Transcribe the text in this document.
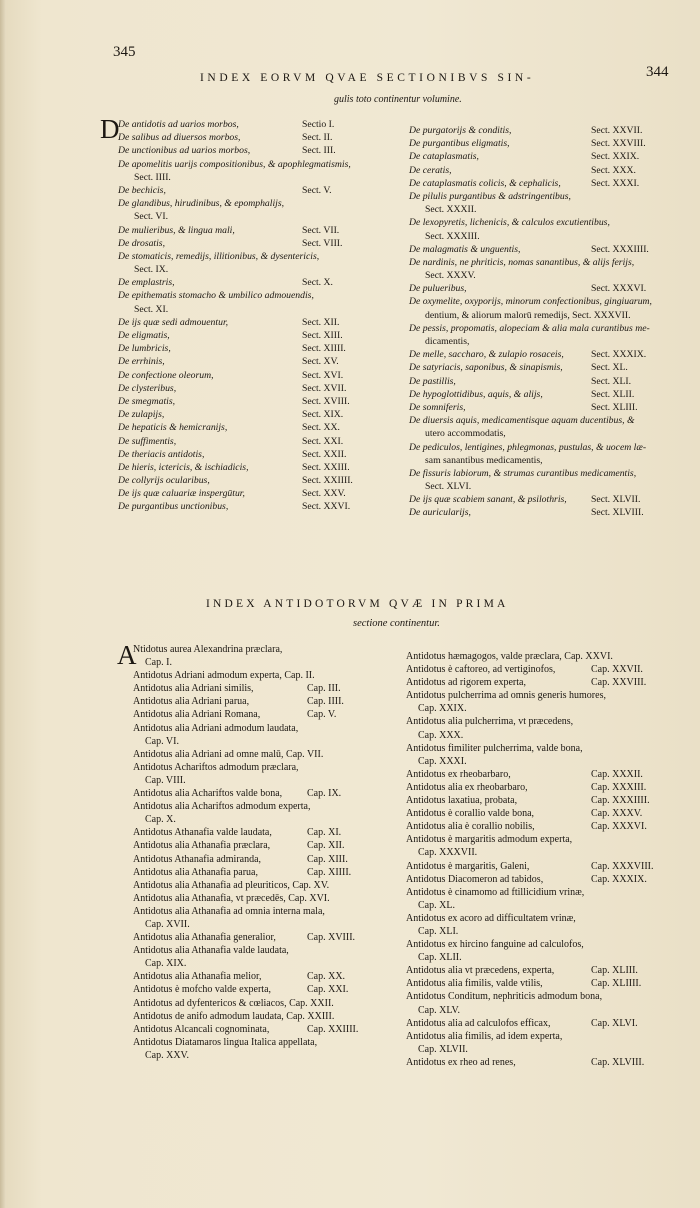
345
344
INDEX EORVM QVAE SECTIONIBVS SIN-
gulis toto continentur volumine.
D
De antidotis ad uarios morbos,	Sectio I.
De salibus ad diuersos morbos,	Sect. II.
De unctionibus ad uarios morbos,	Sect. III.
De apomelitis uarijs compositionibus, & apophlegmatismis,
Sect. IIII.
De bechicis,	Sect. V.
De glandibus, hirudinibus, & epomphalijs,
Sect. VI.
De mulieribus, & lingua mali,	Sect. VII.
De drosatis,	Sect. VIII.
De stomaticis, remedijs, illitionibus, & dysentericis,
Sect. IX.
De emplastris,	Sect. X.
De epithematis stomacho & umbilico admouendis,
Sect. XI.
De ijs quæ sedi admouentur,	Sect. XII.
De eligmatis,	Sect. XIII.
De lumbricis,	Sect. XIIII.
De errhinis,	Sect. XV.
De confectione oleorum,	Sect. XVI.
De clysteribus,	Sect. XVII.
De smegmatis,	Sect. XVIII.
De zulapijs,	Sect. XIX.
De hepaticis & hemicranijs,	Sect. XX.
De suffimentis,	Sect. XXI.
De theriacis antidotis,	Sect. XXII.
De hieris, ictericis, & ischiadicis,	Sect. XXIII.
De collyrijs ocularibus,	Sect. XXIIII.
De ijs quæ caluariæ inspergūtur,	Sect. XXV.
De purgantibus unctionibus,	Sect. XXVI.
De purgatorijs & conditis,	Sect. XXVII.
De purgantibus eligmatis,	Sect. XXVIII.
De cataplasmatis,	Sect. XXIX.
De ceratis,	Sect. XXX.
De cataplasmatis colicis, & cephalicis,	Sect. XXXI.
De pilulis purgantibus & adstringentibus,
Sect. XXXII.
De lexopyretis, lichenicis, & calculos excutientibus,
Sect. XXXIII.
De malagmatis & unguentis,	Sect. XXXIIII.
De nardinis, ne phriticis, nomas sanantibus, & alijs ferijs,
Sect. XXXV.
De pulueribus,	Sect. XXXVI.
De oxymelite, oxyporijs, minorum confectionibus, gingiuarum,
dentium, & aliorum malorū remedijs, Sect. XXXVII.
De pessis, propomatis, alopeciam & alia mala curantibus me-
dicamentis,
De melle, saccharo, & zulapio rosaceis,	Sect. XXXIX.
De satyriacis, saponibus, & sinapismis,	Sect. XL.
De pastillis,	Sect. XLI.
De hypoglottidibus, aquis, & alijs,	Sect. XLII.
De somniferis,	Sect. XLIII.
De diuersis aquis, medicamentisque aquam ducentibus, &
utero accommodatis,
De pediculos, lentigines, phlegmonas, pustulas, & uocem læ-
sam sanantibus medicamentis,
De fissuris labiorum, & strumas curantibus medicamentis,
Sect. XLVI.
De ijs quæ scabiem sanant, & psilothris,	Sect. XLVII.
De auricularijs,	Sect. XLVIII.
INDEX ANTIDOTORVM QVÆ IN PRIMA
sectione continentur.
A
Ntidotus aurea Alexandrina præclara,
Cap. I.
Antidotus Adriani admodum experta, Cap. II.
Antidotus alia Adriani similis,	Cap. III.
Antidotus alia Adriani parua,	Cap. IIII.
Antidotus alia Adriani Romana,	Cap. V.
Antidotus alia Adriani admodum laudata,
Cap. VI.
Antidotus alia Adriani ad omne malū, Cap. VII.
Antidotus Achariftos admodum præclara,
Cap. VIII.
Antidotus alia Achariftos valde bona, Cap. IX.
Antidotus alia Achariftos admodum experta,
Cap. X.
Antidotus Athanafia valde laudata,	Cap. XI.
Antidotus alia Athanafia præclara,	Cap. XII.
Antidotus Athanafia admiranda,	Cap. XIII.
Antidotus alia Athanafia parua,	Cap. XIIII.
Antidotus alia Athanafia ad pleuriticos, Cap. XV.
Antidotus alia Athanafia, vt præcedēs, Cap. XVI.
Antidotus alia Athanafia ad omnia interna mala,
Cap. XVII.
Antidotus alia Athanafia generalior,	Cap. XVIII.
Antidotus alia Athanafia valde laudata,
Cap. XIX.
Antidotus alia Athanafia melior,	Cap. XX.
Antidotus è mofcho valde experta,	Cap. XXI.
Antidotus ad dyfentericos & cœliacos, Cap. XXII.
Antidotus de anifo admodum laudata, Cap. XXIII.
Antidotus Alcancali cognominata,	Cap. XXIIII.
Antidotus Diatamaros lingua Italica appellata,
Cap. XXV.
Antidotus hæmagogos, valde præclara, Cap. XXVI.
Antidotus è caftoreo, ad vertiginofos,	Cap. XXVII.
Antidotus ad rigorem experta,	Cap. XXVIII.
Antidotus pulcherrima ad omnis generis humores,
Cap. XXIX.
Antidotus alia pulcherrima, vt præcedens,
Cap. XXX.
Antidotus fimiliter pulcherrima, valde bona,
Cap. XXXI.
Antidotus ex rheobarbaro,	Cap. XXXII.
Antidotus alia ex rheobarbaro,	Cap. XXXIII.
Antidotus laxatiua, probata,	Cap. XXXIIII.
Antidotus è corallio valde bona,	Cap. XXXV.
Antidotus alia è corallio nobilis,	Cap. XXXVI.
Antidotus è margaritis admodum experta,
Cap. XXXVII.
Antidotus è margaritis, Galeni,	Cap. XXXVIII.
Antidotus Diacomeron ad tabidos,	Cap. XXXIX.
Antidotus è cinamomo ad ftillicidium vrinæ,
Cap. XL.
Antidotus ex acoro ad difficultatem vrinæ,
Cap. XLI.
Antidotus ex hircino fanguine ad calculofos,
Cap. XLII.
Antidotus alia vt præcedens, experta,	Cap. XLIII.
Antidotus alia fimilis, valde vtilis,	Cap. XLIIII.
Antidotus Conditum, nephriticis admodum bona,
Cap. XLV.
Antidotus alia ad calculofos efficax,	Cap. XLVI.
Antidotus alia fimilis, ad idem experta,
Cap. XLVII.
Antidotus ex rheo ad renes,	Cap. XLVIII.
